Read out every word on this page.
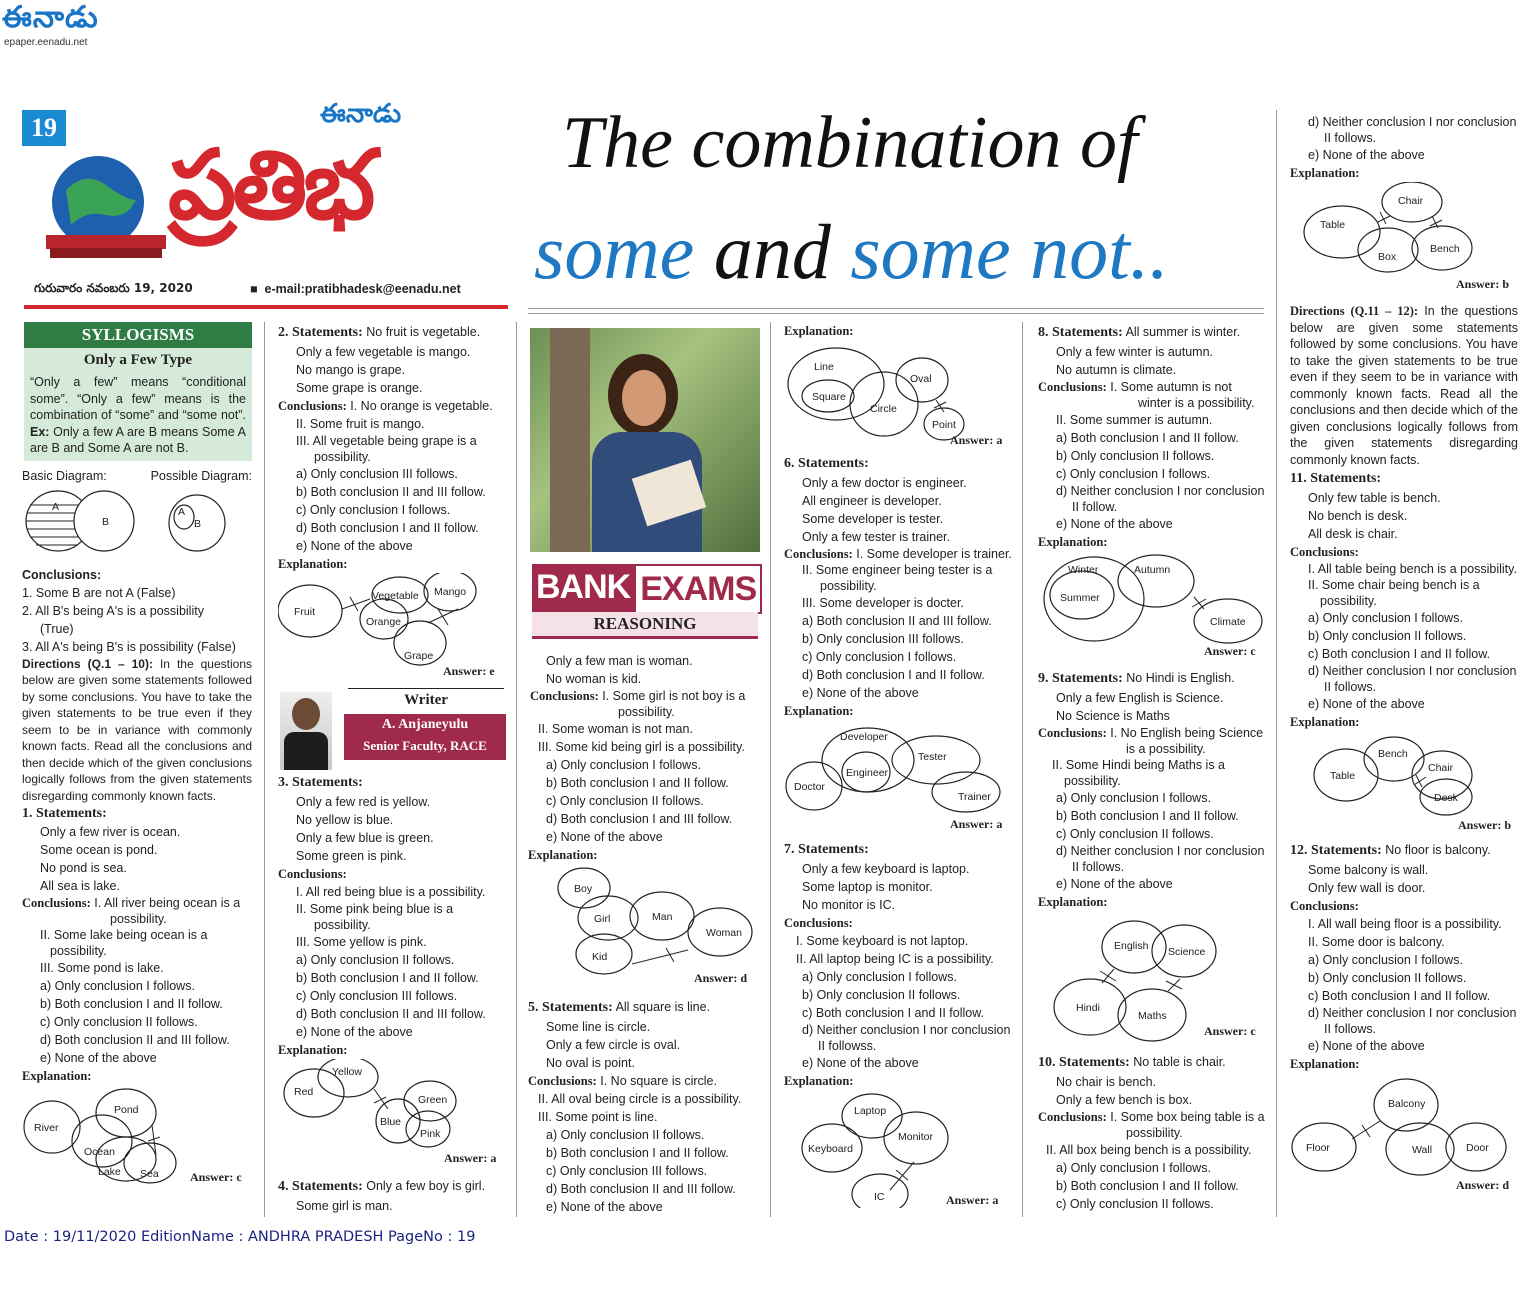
ఈనాడు
epaper.eenadu.net
19	ఈనాడు
ప్రతిభ
గురువారం నవంబరు 19, 2020	■  e-mail:pratibhadesk@eenadu.net
The combination of
some and some not..
SYLLOGISMS
Only a Few Type
“Only a few” means “conditional some”. “Only a few” means is the combination of “some” and “some not”. Ex: Only a few A are B means Some A are B and Some A are not B.
Basic Diagram:	Possible Diagram:
A
B
A
B

Conclusions:

1. Some B are not A (False)

2. All B's being A's is a possibility

(True)

3. All A's being B's is possibility (False)

Directions (Q.1 – 10): In the questions below are given some statements followed by some conclusions. You have to take the given statements to be true even if they seem to be in variance with commonly known facts. Read all the conclusions and then decide which of the given conclusions logically follows from the given statements disregarding commonly known facts.

1. Statements:

Only a few river is ocean.

Some ocean is pond.

No pond is sea.

All sea is lake.

Conclusions: I. All river being ocean is a possibility.

II. Some lake being ocean is a possibility.

III. Some pond is lake.

a) Only conclusion I follows.

b) Both conclusion I and II follow.

c) Only conclusion II follows.

d) Both conclusion II and III follow.

e) None of the above

Explanation:

River
Ocean
Pond
Lake Sea	Answer: c

2. Statements: No fruit is vegetable.

Only a few vegetable is mango.

No mango is grape.

Some grape is orange.

Conclusions: I. No orange is vegetable.

II. Some fruit is mango.

III. All vegetable being grape is a possibility.

a) Only conclusion III follows.

b) Both conclusion II and III follow.

c) Only conclusion I follows.

d) Both conclusion I and II follow.

e) None of the above

Explanation:

Fruit
Vegetable Mango
Orange
Grape
Answer: e
Writer
A. Anjaneyulu
Senior Faculty, RACE

3. Statements:

Only a few red is yellow.

No yellow is blue.

Only a few blue is green.

Some green is pink.

Conclusions:

I. All red being blue is a possibility.

II. Some pink being blue is a possibility.

III. Some yellow is pink.

a) Only conclusion II follows.

b) Both conclusion I and II follow.

c) Only conclusion III follows.

d) Both conclusion II and III follow.

e) None of the above

Explanation:

Red
Yellow
Blue
Green
Pink
Answer: a

4. Statements: Only a few boy is girl.

Some girl is man.

BANK EXAMS
REASONING

Only a few man is woman.

No woman is kid.

Conclusions: I. Some girl is not boy is a possibility.

II. Some woman is not man.

III. Some kid being girl is a possibility.

a) Only conclusion I follows.

b) Both conclusion I and II follow.

c) Only conclusion II follows.

d) Both conclusion I and III follow.

e) None of the above

Explanation:

Boy
Girl	Man
Woman
Kid
Answer: d

5. Statements: All square is line.

Some line is circle.

Only a few circle is oval.

No oval is point.

Conclusions: I. No square is circle.

II. All oval being circle is a possibility.

III. Some point is line.

a) Only conclusion II follows.

b) Both conclusion I and II follow.

c) Only conclusion III follows.

d) Both conclusion II and III follow.

e) None of the above

Explanation:

Line
Square
Circle
Oval
Point
Answer: a

6. Statements:

Only a few doctor is engineer.

All engineer is developer.

Some developer is tester.

Only a few tester is trainer.

Conclusions: I. Some developer is trainer.

II. Some engineer being tester is a possibility.

III. Some developer is docter.

a) Both conclusion II and III follow.

b) Only conclusion III follows.

c) Only conclusion I follows.

d) Both conclusion I and II follow.

e) None of the above

Explanation:

Developer
Engineer
Tester
Doctor
Trainer
Answer: a

7. Statements:

Only a few keyboard is laptop.

Some laptop is monitor.

No monitor is IC.

Conclusions:

I. Some keyboard is not laptop.

II. All laptop being IC is a possibility.

a) Only conclusion I follows.

b) Only conclusion II follows.

c) Both conclusion I and II follow.

d) Neither conclusion I nor conclusion II followss.

e) None of the above

Explanation:

Laptop
Keyboard
Monitor
IC	Answer: a

8. Statements: All summer is winter.

Only a few winter is autumn.

No autumn is climate.

Conclusions: I. Some autumn is not winter is a possibility.

II. Some summer is autumn.

a) Both conclusion I and II follow.

b) Only conclusion II follows.

c) Only conclusion I follows.

d) Neither conclusion I nor conclusion II follow.

e) None of the above

Explanation:

Winter	Autumn
Summer
Climate
Answer: c

9. Statements: No Hindi is English.

Only a few English is Science.

No Science is Maths

Conclusions: I. No English being Science is a possibility.

II. Some Hindi being Maths is a possibility.

a) Only conclusion I follows.

b) Both conclusion I and II follow.

c) Only conclusion II follows.

d) Neither conclusion I nor conclusion II follows.

e) None of the above

Explanation:

English Science
Hindi
Maths
Answer: c

10. Statements: No table is chair.

No chair is bench.

Only a few bench is box.

Conclusions: I. Some box being table is a possibility.

II. All box being bench is a possibility.

a) Only conclusion I follows.

b) Both conclusion I and II follow.

c) Only conclusion II follows.

d) Neither conclusion I nor conclusion II follows.

e) None of the above

Explanation:

Chair
Table
Box
Bench
Answer: b

Directions (Q.11 – 12): In the questions below are given some statements followed by some conclusions. You have to take the given statements to be true even if they seem to be in variance with commonly known facts. Read all the conclusions and then decide which of the given conclusions logically follows from the given statements disregarding commonly known facts.

11. Statements:

Only few table is bench.

No bench is desk.

All desk is chair.

Conclusions:

I. All table being bench is a possibility.

II. Some chair being bench is a possibility.

a) Only conclusion I follows.

b) Only conclusion II follows.

c) Both conclusion I and II follow.

d) Neither conclusion I nor conclusion II follows.

e) None of the above

Explanation:

Bench
Table
Chair
Desk
Answer: b

12. Statements: No floor is balcony.

Some balcony is wall.

Only few wall is door.

Conclusions:

I. All wall being floor is a possibility.

II. Some door is balcony.

a) Only conclusion I follows.

b) Only conclusion II follows.

c) Both conclusion I and II follow.

d) Neither conclusion I nor conclusion II follows.

e) None of the above

Explanation:

Balcony
Floor	Wall	Door
Answer: d
Date : 19/11/2020 EditionName : ANDHRA PRADESH PageNo : 19
